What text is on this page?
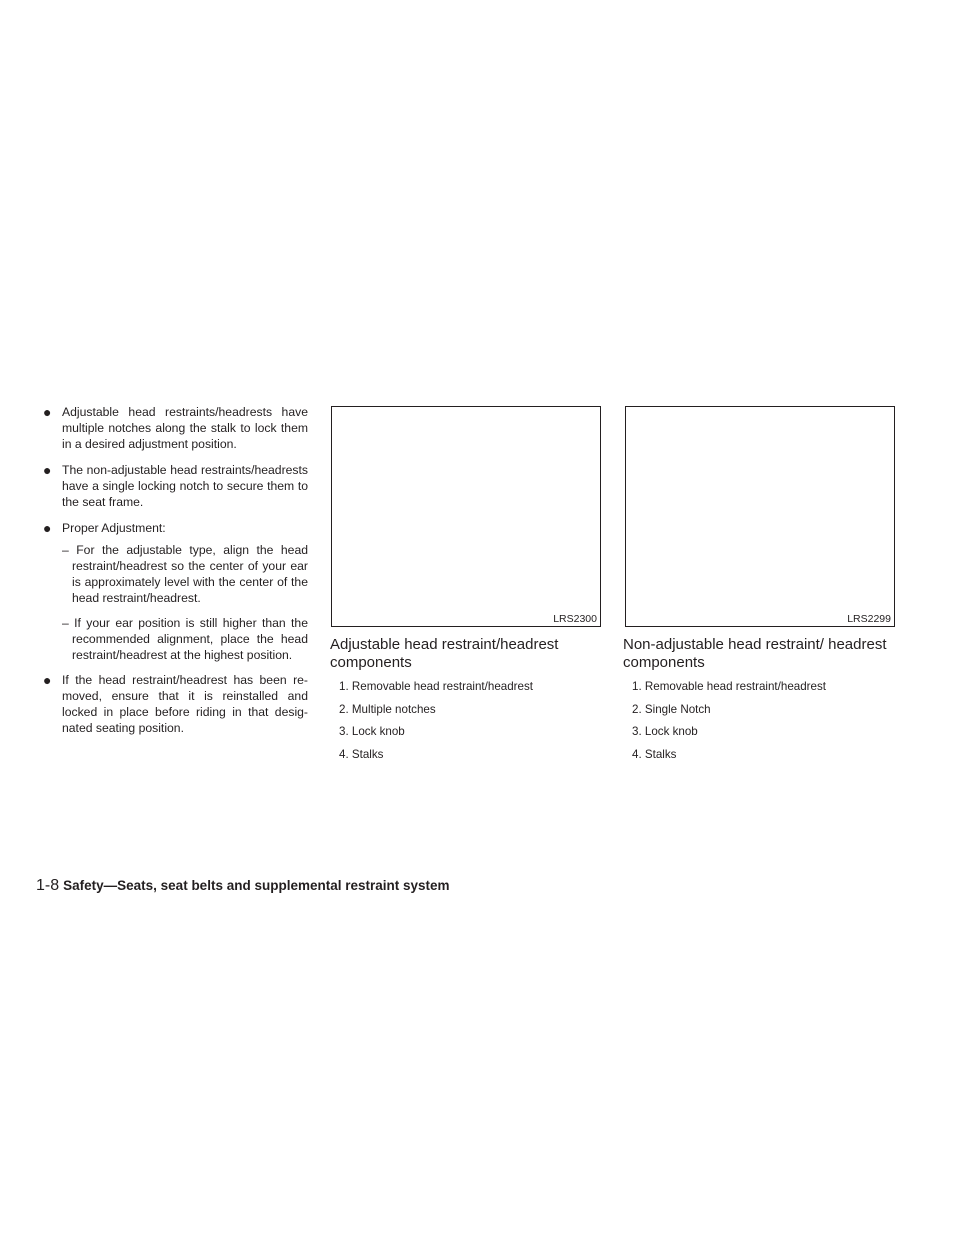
● Adjustable head restraints/headrests have multiple notches along the stalk to lock them in a desired adjustment position.
● The non-adjustable head restraints/headrests have a single locking notch to secure them to the seat frame.
● Proper Adjustment:

– For the adjustable type, align the head restraint/headrest so the center of your ear is approximately level with the center of the head restraint/headrest.

– If your ear position is still higher than the recommended alignment, place the head restraint/headrest at the highest position.

● If the head restraint/headrest has been re-moved, ensure that it is reinstalled and locked in place before riding in that desig-nated seating position.
LRS2300
Adjustable head restraint/headrest components
1. Removable head restraint/headrest
2. Multiple notches
3. Lock knob
4. Stalks
LRS2299
Non-adjustable head restraint/ headrest components
1. Removable head restraint/headrest
2. Single Notch
3. Lock knob
4. Stalks
1-8 Safety—Seats, seat belts and supplemental restraint system
